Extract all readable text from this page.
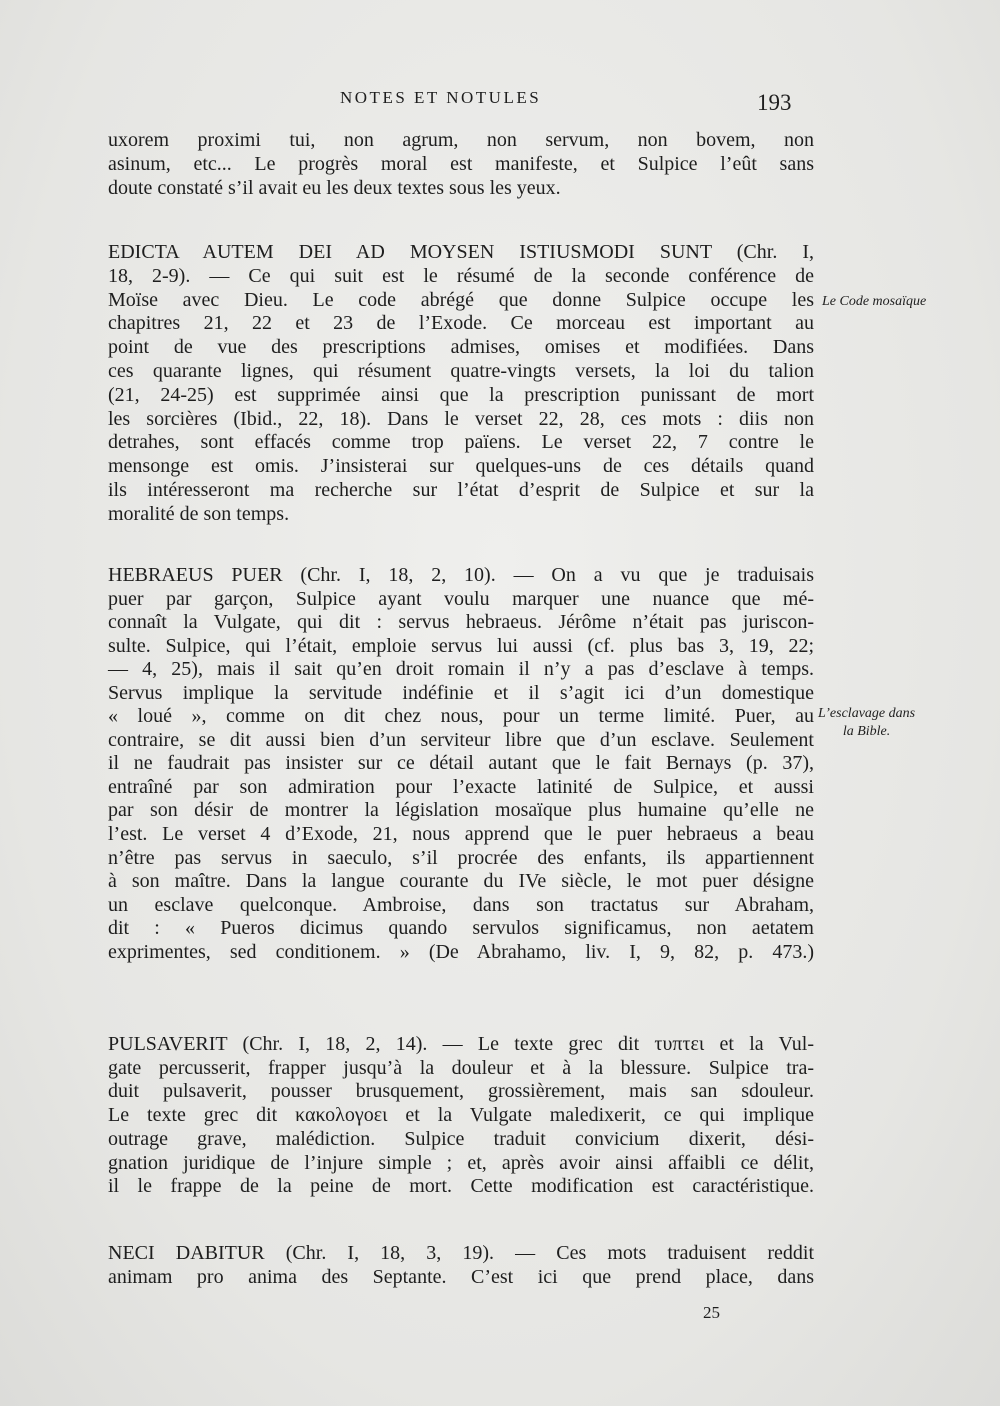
NOTES ET NOTULES	193
uxorem proximi tui, non agrum, non servum, non bovem, non
asinum, etc... Le progrès moral est manifeste, et Sulpice l’eût sans
doute constaté s’il avait eu les deux textes sous les yeux.
EDICTA AUTEM DEI AD MOYSEN ISTIUSMODI SUNT (Chr. I,
18, 2-9). — Ce qui suit est le résumé de la seconde conférence de
Moïse avec Dieu. Le code abrégé que donne Sulpice occupe les
chapitres 21, 22 et 23 de l’Exode. Ce morceau est important au
point de vue des prescriptions admises, omises et modifiées. Dans
ces quarante lignes, qui résument quatre-vingts versets, la loi du talion
(21, 24-25) est supprimée ainsi que la prescription punissant de mort
les sorcières (Ibid., 22, 18). Dans le verset 22, 28, ces mots : diis non
detrahes, sont effacés comme trop païens. Le verset 22, 7 contre le
mensonge est omis. J’insisterai sur quelques-uns de ces détails quand
ils intéresseront ma recherche sur l’état d’esprit de Sulpice et sur la
moralité de son temps.
HEBRAEUS PUER (Chr. I, 18, 2, 10). — On a vu que je traduisais
puer par garçon, Sulpice ayant voulu marquer une nuance que mé-
connaît la Vulgate, qui dit : servus hebraeus. Jérôme n’était pas juriscon-
sulte. Sulpice, qui l’était, emploie servus lui aussi (cf. plus bas 3, 19, 22;
— 4, 25), mais il sait qu’en droit romain il n’y a pas d’esclave à temps.
Servus implique la servitude indéfinie et il s’agit ici d’un domestique
« loué », comme on dit chez nous, pour un terme limité. Puer, au
contraire, se dit aussi bien d’un serviteur libre que d’un esclave. Seulement
il ne faudrait pas insister sur ce détail autant que le fait Bernays (p. 37),
entraîné par son admiration pour l’exacte latinité de Sulpice, et aussi
par son désir de montrer la législation mosaïque plus humaine qu’elle ne
l’est. Le verset 4 d’Exode, 21, nous apprend que le puer hebraeus a beau
n’être pas servus in saeculo, s’il procrée des enfants, ils appartiennent
à son maître. Dans la langue courante du IVe siècle, le mot puer désigne
un esclave quelconque. Ambroise, dans son tractatus sur Abraham,
dit : « Pueros dicimus quando servulos significamus, non aetatem
exprimentes, sed conditionem. » (De Abrahamo, liv. I, 9, 82, p. 473.)
PULSAVERIT (Chr. I, 18, 2, 14). — Le texte grec dit τυπτει et la Vul-
gate percusserit, frapper jusqu’à la douleur et à la blessure. Sulpice tra-
duit pulsaverit, pousser brusquement, grossièrement, mais san sdouleur.
Le texte grec dit κακολογοει et la Vulgate maledixerit, ce qui implique
outrage grave, malédiction. Sulpice traduit convicium dixerit, dési-
gnation juridique de l’injure simple ; et, après avoir ainsi affaibli ce délit,
il le frappe de la peine de mort. Cette modification est caractéristique.
NECI DABITUR (Chr. I, 18, 3, 19). — Ces mots traduisent reddit
animam pro anima des Septante. C’est ici que prend place, dans
Le Code mosaïque
L’esclavage dans
la Bible.
25
